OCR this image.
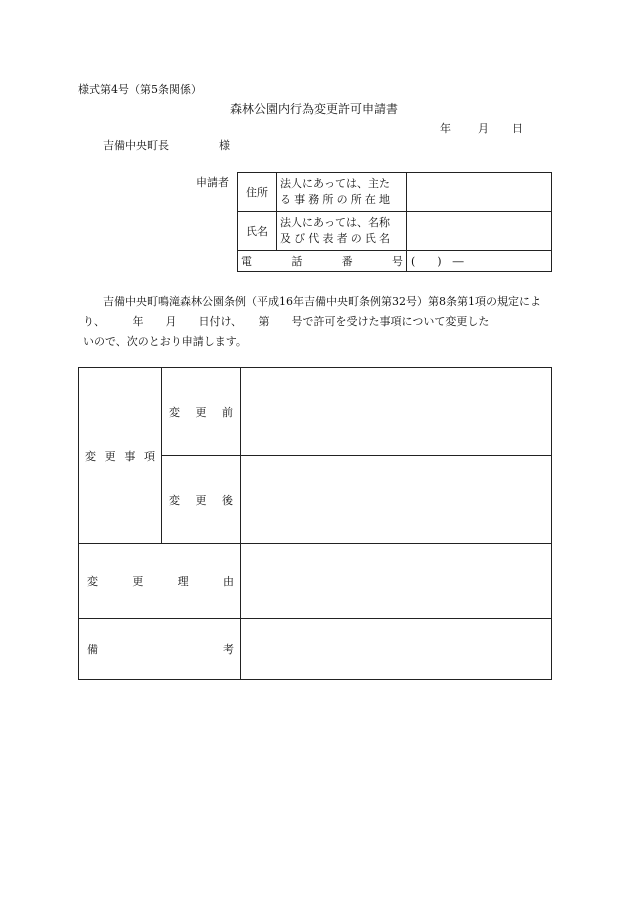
様式第4号（第5条関係）
森林公園内行為変更許可申請書
年 月 日
吉備中央町長	様
申請者
住所	法人にあっては、主たる事務所の所在地	

氏名	法人にあっては、名称及び代表者の氏名	

電　話　番　号		(　　)　―
吉備中央町鳴滝森林公園条例（平成16年吉備中央町条例第32号）第8条第1項の規定によ
り、　　　年　　月　　日付け、　　第　　号で許可を受けた事項について変更した
いので、次のとおり申請します。
変更事項	変更前	

	変更後	

変更理由		

備考		
